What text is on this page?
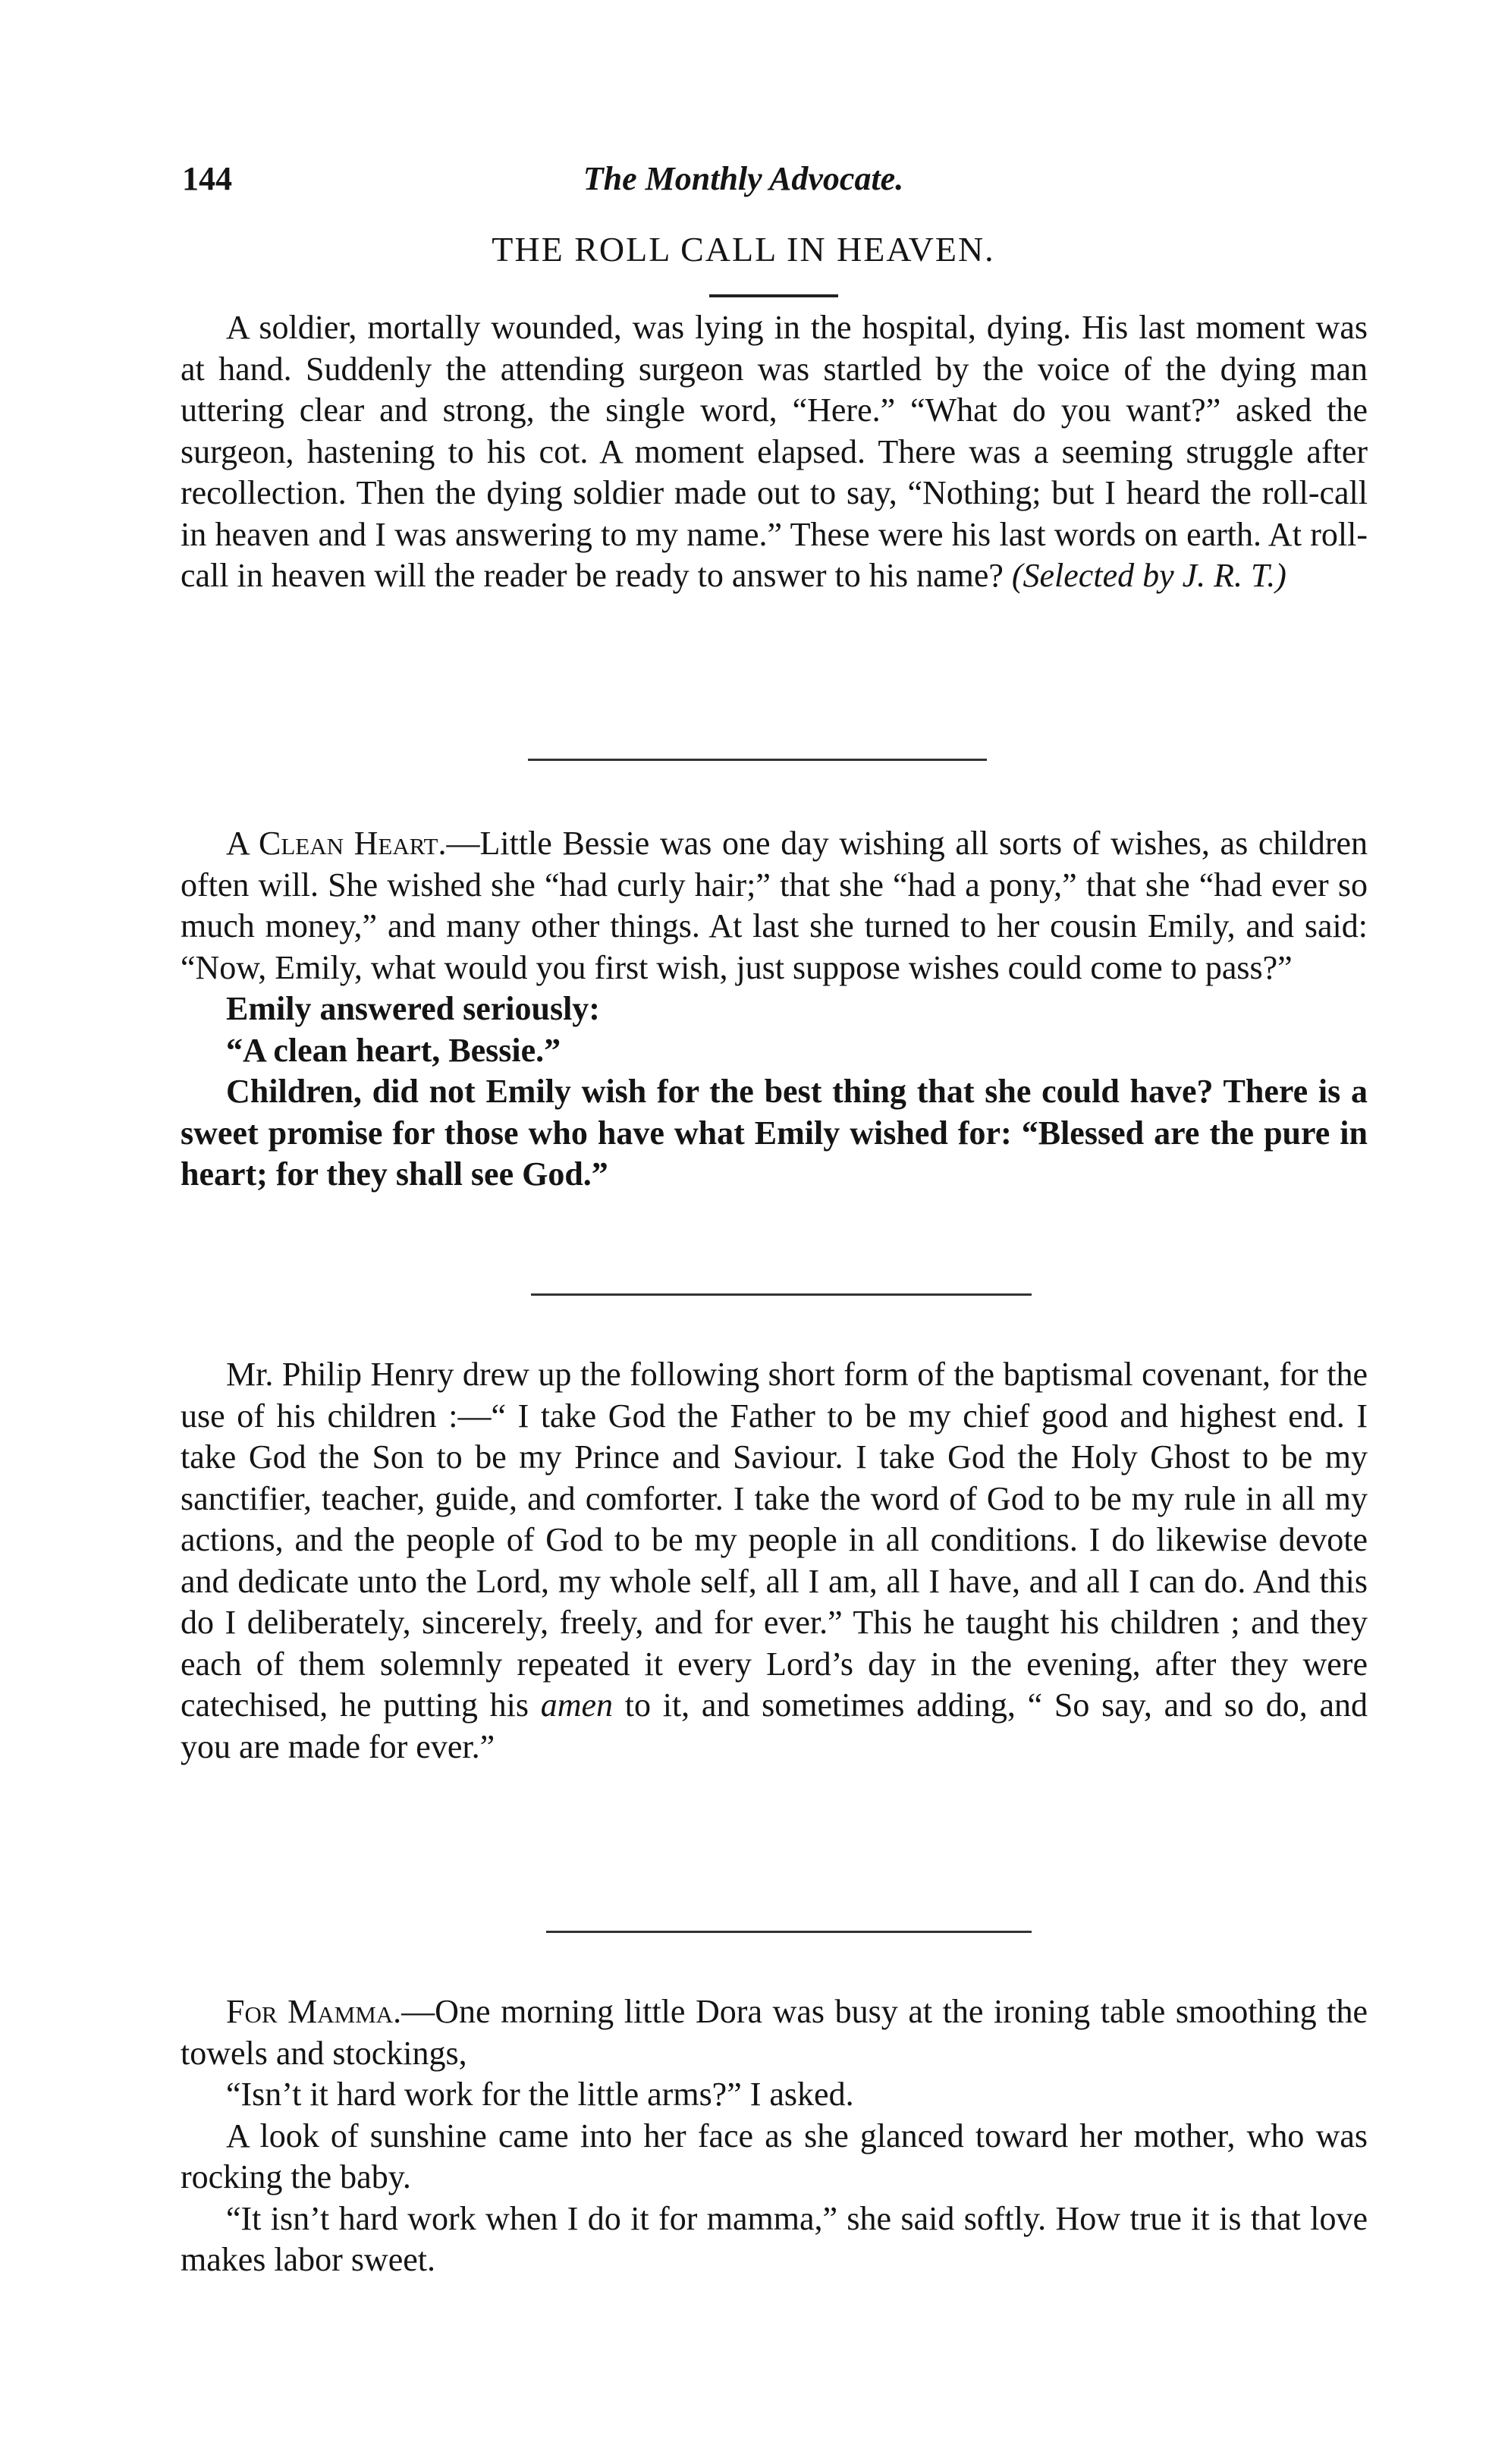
144	The Monthly Advocate.
THE ROLL CALL IN HEAVEN.

A soldier, mortally wounded, was lying in the hospital, dying. His last moment was at hand. Suddenly the attending surgeon was startled by the voice of the dying man uttering clear and strong, the single word, “Here.” “What do you want?” asked the surgeon, hastening to his cot. A moment elapsed. There was a seeming struggle after recollection. Then the dying soldier made out to say, “Nothing; but I heard the roll-call in heaven and I was answering to my name.” These were his last words on earth. At roll-call in heaven will the reader be ready to answer to his name? (Selected by J. R. T.)

A Clean Heart.—Little Bessie was one day wishing all sorts of wishes, as children often will. She wished she “had curly hair;” that she “had a pony,” that she “had ever so much money,” and many other things. At last she turned to her cousin Emily, and said: “Now, Emily, what would you first wish, just suppose wishes could come to pass?”

Emily answered seriously:

“A clean heart, Bessie.”

Children, did not Emily wish for the best thing that she could have? There is a sweet promise for those who have what Emily wished for: “Blessed are the pure in heart; for they shall see God.”

Mr. Philip Henry drew up the following short form of the baptismal covenant, for the use of his children :—“ I take God the Father to be my chief good and highest end. I take God the Son to be my Prince and Saviour. I take God the Holy Ghost to be my sanctifier, teacher, guide, and comforter. I take the word of God to be my rule in all my actions, and the people of God to be my people in all conditions. I do likewise devote and dedicate unto the Lord, my whole self, all I am, all I have, and all I can do. And this do I deliberately, sincerely, freely, and for ever.” This he taught his children ; and they each of them solemnly repeated it every Lord’s day in the evening, after they were catechised, he putting his amen to it, and sometimes adding, “ So say, and so do, and you are made for ever.”

For Mamma.—One morning little Dora was busy at the ironing table smoothing the towels and stockings,

“Isn’t it hard work for the little arms?” I asked.

A look of sunshine came into her face as she glanced toward her mother, who was rocking the baby.

“It isn’t hard work when I do it for mamma,” she said softly. How true it is that love makes labor sweet.
